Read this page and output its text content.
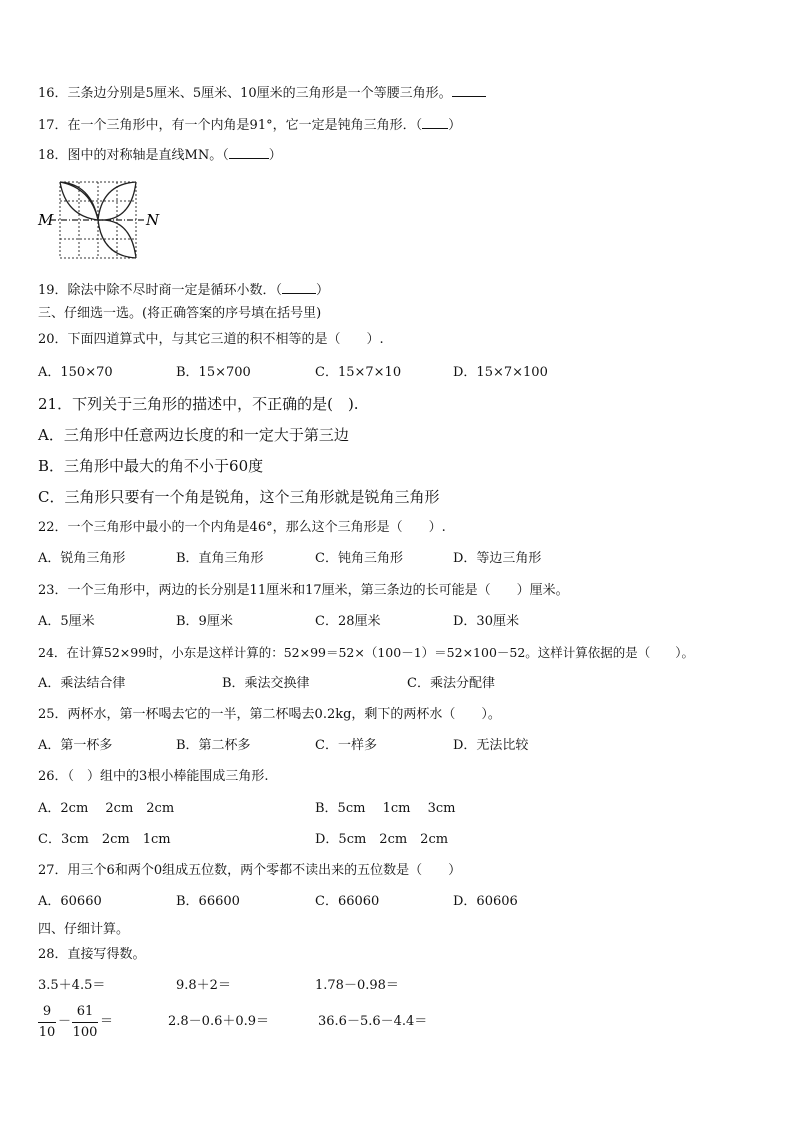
16．三条边分别是5厘米、5厘米、10厘米的三角形是一个等腰三角形。
17．在一个三角形中，有一个内角是91°，它一定是钝角三角形．（ ）
18．图中的对称轴是直线MN。（	）
M	N
19．除法中除不尽时商一定是循环小数．（	）
三、仔细选一选。(将正确答案的序号填在括号里)
20．下面四道算式中，与其它三道的积不相等的是（　　）.
A．150×70	B．15×700	C．15×7×10	D．15×7×100
21．下列关于三角形的描述中，不正确的是(　).
A．三角形中任意两边长度的和一定大于第三边
B．三角形中最大的角不小于60度
C．三角形只要有一个角是锐角，这个三角形就是锐角三角形
22．一个三角形中最小的一个内角是46°，那么这个三角形是（　　）.
A．锐角三角形	B．直角三角形	C．钝角三角形	D．等边三角形
23．一个三角形中，两边的长分别是11厘米和17厘米，第三条边的长可能是（　　）厘米。
A．5厘米	B．9厘米	C．28厘米	D．30厘米
24．在计算52×99时，小东是这样计算的：52×99＝52×（100－1）＝52×100－52。这样计算依据的是（　　）。
A．乘法结合律	B．乘法交换律	C．乘法分配律
25．两杯水，第一杯喝去它的一半，第二杯喝去0.2kg，剩下的两杯水（　　）。
A．第一杯多	B．第二杯多	C．一样多	D．无法比较
26．（　）组中的3根小棒能围成三角形.
A．2cm　 2cm　2cm	B．5cm　 1cm　 3cm
C．3cm　2cm　1cm	D．5cm　2cm　2cm
27．用三个6和两个0组成五位数，两个零都不读出来的五位数是（　　）
A．60660	B．66600	C．66060	D．60606
四、仔细计算。
28．直接写得数。
3.5＋4.5＝	9.8＋2＝	1.78－0.98＝
9
10
－
61
100
＝	2.8－0.6＋0.9＝	36.6－5.6－4.4＝
